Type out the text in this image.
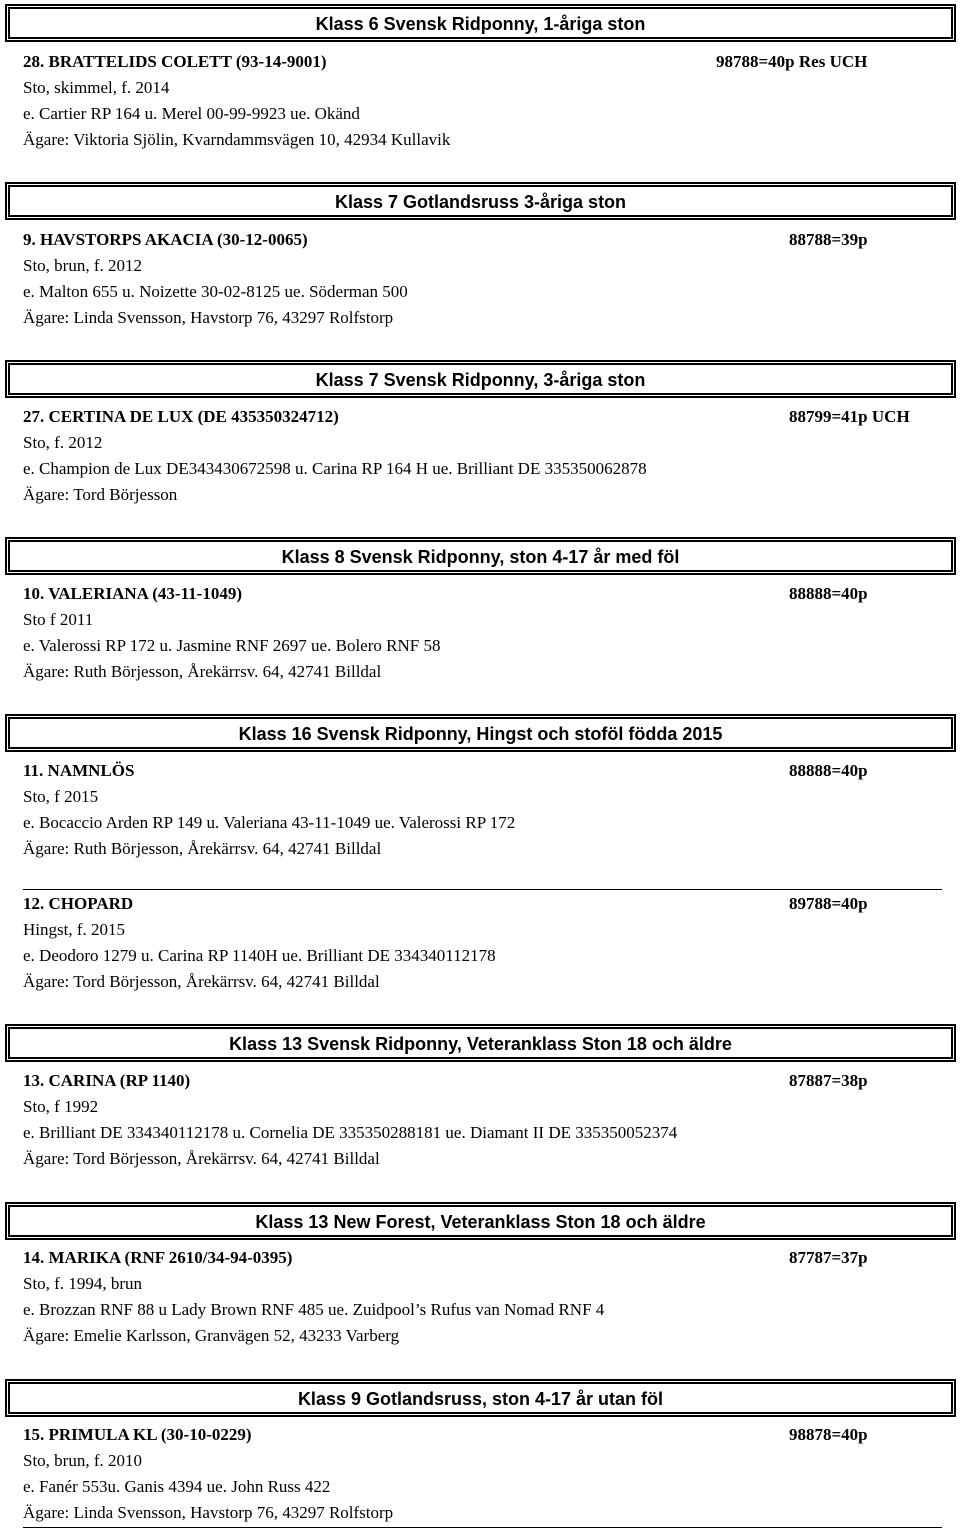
Klass 6 Svensk Ridponny, 1-åriga ston
28. BRATTELIDS COLETT (93-14-9001)	98788=40p Res UCH
Sto, skimmel, f. 2014
e. Cartier RP 164 u. Merel 00-99-9923 ue. Okänd
Ägare: Viktoria Sjölin, Kvarndammsvägen 10, 42934 Kullavik
Klass 7 Gotlandsruss 3-åriga ston
9. HAVSTORPS AKACIA (30-12-0065)	88788=39p
Sto, brun, f. 2012
e. Malton 655 u. Noizette 30-02-8125 ue. Söderman 500
Ägare: Linda Svensson, Havstorp 76, 43297 Rolfstorp
Klass 7 Svensk Ridponny, 3-åriga ston
27. CERTINA DE LUX (DE 435350324712)	88799=41p UCH
Sto, f. 2012
e. Champion de Lux DE343430672598 u. Carina RP 164 H ue. Brilliant DE 335350062878
Ägare: Tord Börjesson
Klass 8 Svensk Ridponny, ston 4-17 år med föl
10. VALERIANA (43-11-1049)	88888=40p
Sto f 2011
e. Valerossi RP 172 u. Jasmine RNF 2697 ue. Bolero RNF 58
Ägare: Ruth Börjesson, Årekärrsv. 64, 42741 Billdal
Klass 16 Svensk Ridponny, Hingst och stoföl födda 2015
11. NAMNLÖS	88888=40p
Sto, f 2015
e. Bocaccio Arden RP 149 u. Valeriana 43-11-1049 ue. Valerossi RP 172
Ägare: Ruth Börjesson, Årekärrsv. 64, 42741 Billdal
12. CHOPARD	89788=40p
Hingst, f. 2015
e. Deodoro 1279 u. Carina RP 1140H ue. Brilliant DE 334340112178
Ägare: Tord Börjesson, Årekärrsv. 64, 42741 Billdal
Klass 13 Svensk Ridponny, Veteranklass Ston 18 och äldre
13. CARINA (RP 1140)	87887=38p
Sto, f 1992
e. Brilliant DE 334340112178 u. Cornelia DE 335350288181 ue. Diamant II DE 335350052374
Ägare: Tord Börjesson, Årekärrsv. 64, 42741 Billdal
Klass 13 New Forest, Veteranklass Ston 18 och äldre
14. MARIKA (RNF 2610/34-94-0395)	87787=37p
Sto, f. 1994, brun
e. Brozzan RNF 88 u Lady Brown RNF 485 ue. Zuidpool’s Rufus van Nomad RNF 4
Ägare: Emelie Karlsson, Granvägen 52, 43233 Varberg
Klass 9 Gotlandsruss, ston 4-17 år utan föl
15. PRIMULA KL (30-10-0229)	98878=40p
Sto, brun, f. 2010
e. Fanér 553u. Ganis 4394 ue. John Russ 422
Ägare: Linda Svensson, Havstorp 76, 43297 Rolfstorp
